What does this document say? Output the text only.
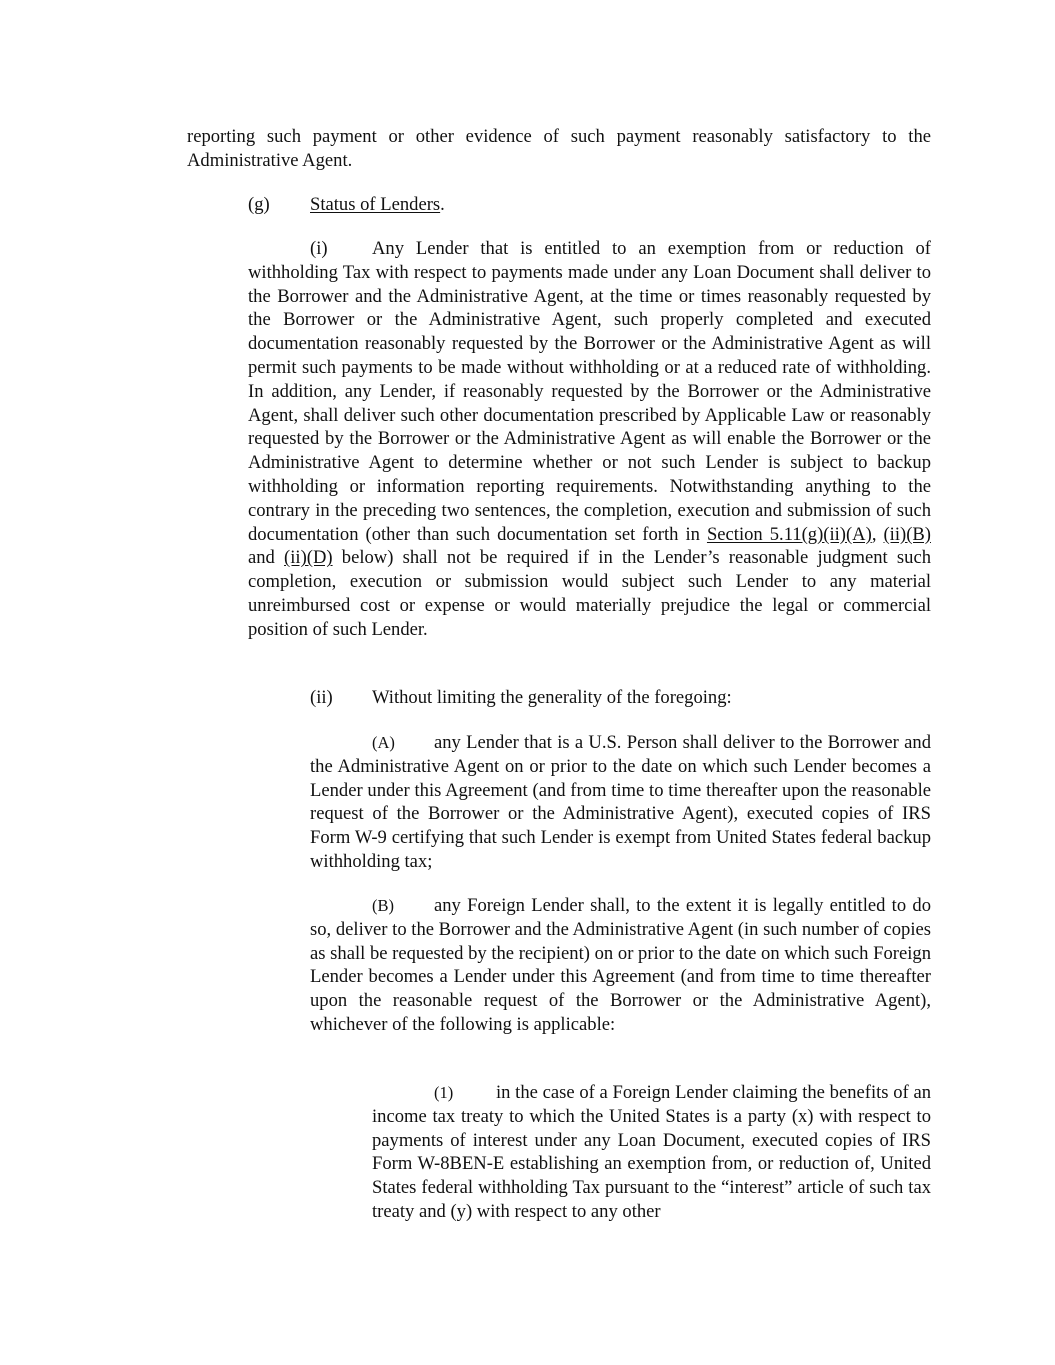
reporting such payment or other evidence of such payment reasonably satisfactory to the Administrative Agent.

(g) Status of Lenders.

(i) Any Lender that is entitled to an exemption from or reduction of withholding Tax with respect to payments made under any Loan Document shall deliver to the Borrower and the Administrative Agent, at the time or times reasonably requested by the Borrower or the Administrative Agent, such properly completed and executed documentation reasonably requested by the Borrower or the Administrative Agent as will permit such payments to be made without withholding or at a reduced rate of withholding. In addition, any Lender, if reasonably requested by the Borrower or the Administrative Agent, shall deliver such other documentation prescribed by Applicable Law or reasonably requested by the Borrower or the Administrative Agent as will enable the Borrower or the Administrative Agent to determine whether or not such Lender is subject to backup withholding or information reporting requirements. Notwithstanding anything to the contrary in the preceding two sentences, the completion, execution and submission of such documentation (other than such documentation set forth in Section 5.11(g)(ii)(A), (ii)(B) and (ii)(D) below) shall not be required if in the Lender’s reasonable judgment such completion, execution or submission would subject such Lender to any material unreimbursed cost or expense or would materially prejudice the legal or commercial position of such Lender.

(ii) Without limiting the generality of the foregoing:

(A) any Lender that is a U.S. Person shall deliver to the Borrower and the Administrative Agent on or prior to the date on which such Lender becomes a Lender under this Agreement (and from time to time thereafter upon the reasonable request of the Borrower or the Administrative Agent), executed copies of IRS Form W-9 certifying that such Lender is exempt from United States federal backup withholding tax;

(B) any Foreign Lender shall, to the extent it is legally entitled to do so, deliver to the Borrower and the Administrative Agent (in such number of copies as shall be requested by the recipient) on or prior to the date on which such Foreign Lender becomes a Lender under this Agreement (and from time to time thereafter upon the reasonable request of the Borrower or the Administrative Agent), whichever of the following is applicable:

(1) in the case of a Foreign Lender claiming the benefits of an income tax treaty to which the United States is a party (x) with respect to payments of interest under any Loan Document, executed copies of IRS Form W-8BEN-E establishing an exemption from, or reduction of, United States federal withholding Tax pursuant to the “interest” article of such tax treaty and (y) with respect to any other
